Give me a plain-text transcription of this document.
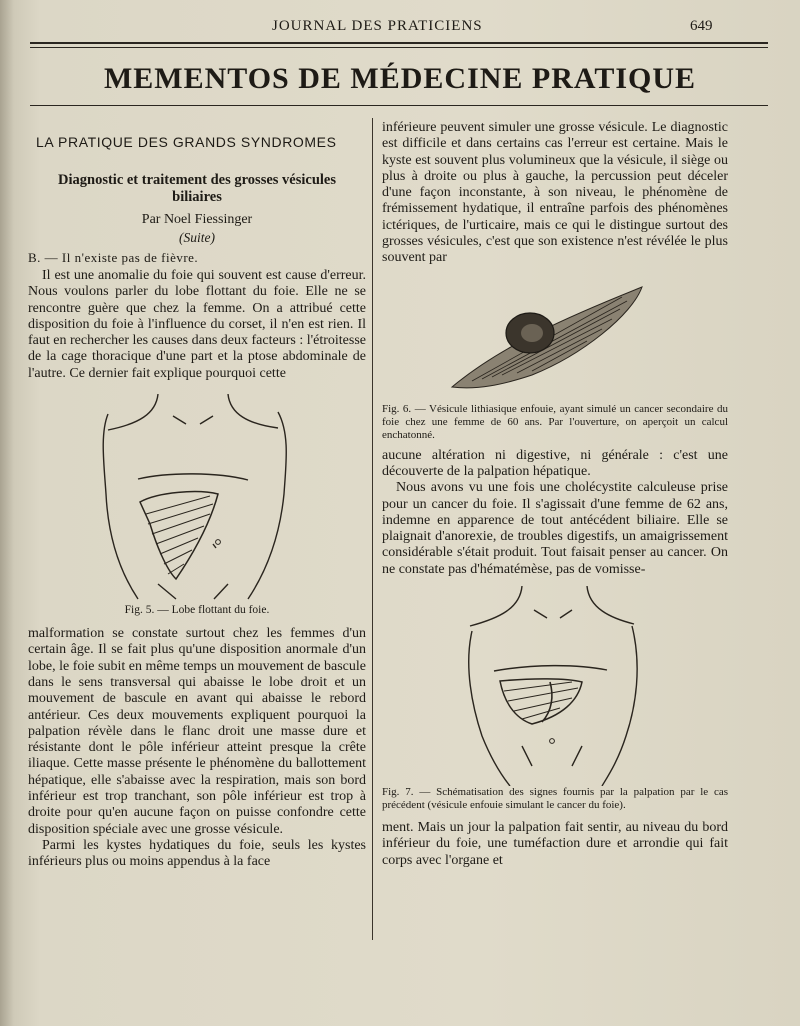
JOURNAL DES PRATICIENS	649
MEMENTOS DE MÉDECINE PRATIQUE
LA PRATIQUE DES GRANDS SYNDROMES
Diagnostic et traitement des grosses vésicules
biliaires
Par Noel Fiessinger
(Suite)
B. — Il n'existe pas de fièvre.

Il est une anomalie du foie qui souvent est cause d'erreur. Nous voulons parler du lobe flottant du foie. Elle ne se rencontre guère que chez la femme. On a attribué cette disposition du foie à l'influence du corset, il n'en est rien. Il faut en rechercher les causes dans deux facteurs : l'étroitesse de la cage thoracique d'une part et la ptose abdominale de l'autre. Ce dernier fait explique pourquoi cette

Fig. 5. — Lobe flottant du foie.

malformation se constate surtout chez les femmes d'un certain âge. Il se fait plus qu'une disposition anormale d'un lobe, le foie subit en même temps un mouvement de bascule dans le sens transversal qui abaisse le lobe droit et un mouvement de bascule en avant qui abaisse le rebord antérieur. Ces deux mouvements expliquent pourquoi la palpation révèle dans le flanc droit une masse dure et résistante dont le pôle inférieur atteint presque la crête iliaque. Cette masse présente le phénomène du ballottement hépatique, elle s'abaisse avec la respiration, mais son bord inférieur est trop tranchant, son pôle inférieur est trop à droite pour qu'en aucune façon on puisse confondre cette disposition spéciale avec une grosse vésicule.

Parmi les kystes hydatiques du foie, seuls les kystes inférieurs plus ou moins appendus à la face

inférieure peuvent simuler une grosse vésicule. Le diagnostic est difficile et dans certains cas l'erreur est certaine. Mais le kyste est souvent plus volumineux que la vésicule, il siège ou plus à droite ou plus à gauche, la percussion peut déceler d'une façon inconstante, à son niveau, le phénomène de frémissement hydatique, il entraîne parfois des phénomènes ictériques, de l'urticaire, mais ce qui le distingue surtout des grosses vésicules, c'est que son existence n'est révélée le plus souvent par

Fig. 6. — Vésicule lithiasique enfouie, ayant simulé un cancer secondaire du foie chez une femme de 60 ans. Par l'ouverture, on aperçoit un calcul enchatonné.

aucune altération ni digestive, ni générale : c'est une découverte de la palpation hépatique.

Nous avons vu une fois une cholécystite calculeuse prise pour un cancer du foie. Il s'agissait d'une femme de 62 ans, indemne en apparence de tout antécédent biliaire. Elle se plaignait d'anorexie, de troubles digestifs, un amaigrissement considérable s'était produit. Tout faisait penser au cancer. On ne constate pas d'hématémèse, pas de vomisse-

Fig. 7. — Schématisation des signes fournis par la palpation par le cas précédent (vésicule enfouie simulant le cancer du foie).

ment. Mais un jour la palpation fait sentir, au niveau du bord inférieur du foie, une tuméfaction dure et arrondie qui fait corps avec l'organe et
